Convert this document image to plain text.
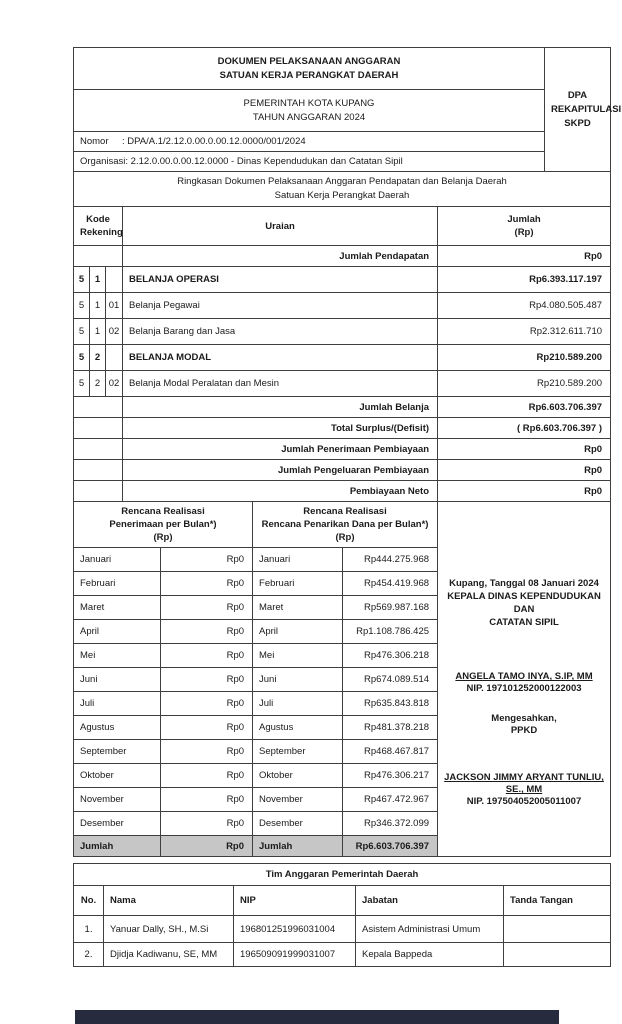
DOKUMEN PELAKSANAAN ANGGARAN
SATUAN KERJA PERANGKAT DAERAH

DPA
REKAPITULASI
SKPD

PEMERINTAH KOTA KUPANG
TAHUN ANGGARAN 2024

Nomor : DPA/A.1/2.12.0.00.0.00.12.0000/001/2024
Organisasi: 2.12.0.00.0.00.12.0000 - Dinas Kependudukan dan Catatan Sipil

Ringkasan Dokumen Pelaksanaan Anggaran Pendapatan dan Belanja Daerah
Satuan Kerja Perangkat Daerah
Kode
Rekening
	Uraian	
Jumlah
(Rp)

			Jumlah Pendapatan	Rp0
5	1		BELANJA OPERASI	Rp6.393.117.197
5	1	01	Belanja Pegawai	Rp4.080.505.487
5	1	02	Belanja Barang dan Jasa	Rp2.312.611.710
5	2		BELANJA MODAL	Rp210.589.200
5	2	02	Belanja Modal Peralatan dan Mesin	Rp210.589.200
			Jumlah Belanja	Rp6.603.706.397
			Total Surplus/(Defisit)	( Rp6.603.706.397 )
			Jumlah Penerimaan Pembiayaan	Rp0
			Jumlah Pengeluaran Pembiayaan	Rp0
			Pembiayaan Neto	Rp0
Rencana Realisasi
Penerimaan per Bulan*)
(Rp)

Rencana Realisasi
Rencana Penarikan Dana per Bulan*)
(Rp)

Kupang, Tanggal 08 Januari 2024
KEPALA DINAS KEPENDUDUKAN DAN
CATATAN SIPIL
ANGELA TAMO INYA, S.IP, MM
NIP. 197101252000122003
Mengesahkan,
PPKD
JACKSON JIMMY ARYANT TUNLIU, SE., MM
NIP. 197504052005011007

Januari	Rp0	Januari	Rp444.275.968	
Februari	Rp0	Februari	Rp454.419.968	
Maret	Rp0	Maret	Rp569.987.168	
April	Rp0	April	Rp1.108.786.425	
Mei	Rp0	Mei	Rp476.306.218	
Juni	Rp0	Juni	Rp674.089.514	
Juli	Rp0	Juli	Rp635.843.818	
Agustus	Rp0	Agustus	Rp481.378.218	
September	Rp0	September	Rp468.467.817	
Oktober	Rp0	Oktober	Rp476.306.217	
November	Rp0	November	Rp467.472.967	
Desember	Rp0	Desember	Rp346.372.099	
Jumlah	Rp0	Jumlah	Rp6.603.706.397	
Tim Anggaran Pemerintah Daerah				
No.	Nama	NIP	Jabatan	Tanda Tangan
1.	Yanuar Dally, SH., M.Si	196801251996031004	Asistem Administrasi Umum	
2.	Djidja Kadiwanu, SE, MM	196509091999031007	Kepala Bappeda	
